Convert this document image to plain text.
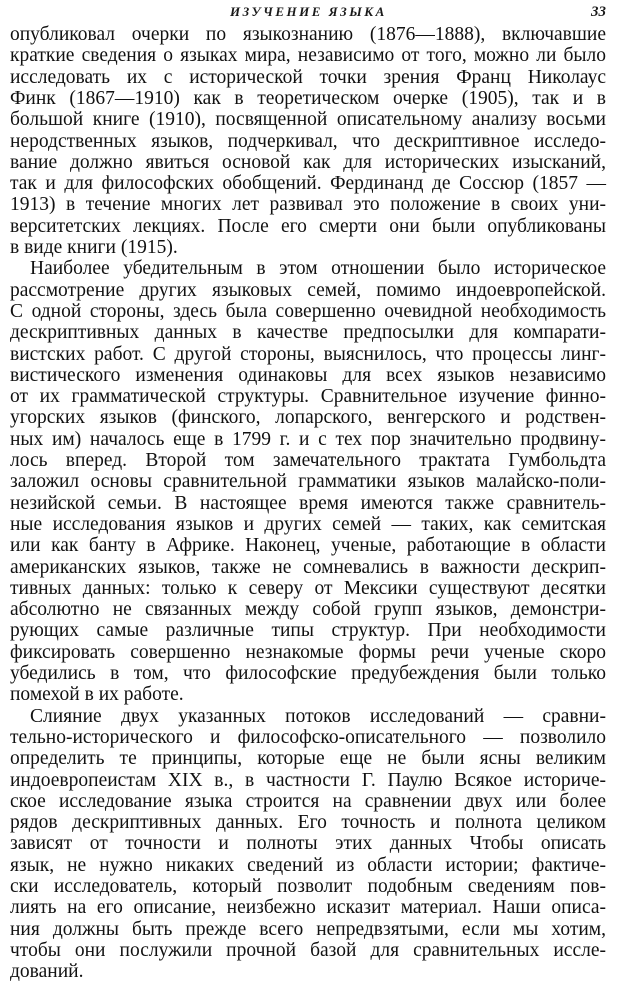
ИЗУЧЕНИЕ ЯЗЫКА	33
опубликовал очерки по языкознанию (1876—1888), включавшие
краткие сведения о языках мира, независимо от того, можно ли было
исследовать их с исторической точки зрения Франц Николаус
Финк (1867—1910) как в теоретическом очерке (1905), так и в
большой книге (1910), посвященной описательному анализу восьми
неродственных языков, подчеркивал, что дескриптивное исследо-
вание должно явиться основой как для исторических изысканий,
так и для философских обобщений. Фердинанд де Соссюр (1857 —
1913) в течение многих лет развивал это положение в своих уни-
верситетских лекциях. После его смерти они были опубликованы
в виде книги (1915).
Наиболее убедительным в этом отношении было историческое
рассмотрение других языковых семей, помимо индоевропейской.
С одной стороны, здесь была совершенно очевидной необходимость
дескриптивных данных в качестве предпосылки для компарати-
вистских работ. С другой стороны, выяснилось, что процессы линг-
вистического изменения одинаковы для всех языков независимо
от их грамматической структуры. Сравнительное изучение финно-
угорских языков (финского, лопарского, венгерского и родствен-
ных им) началось еще в 1799 г. и с тех пор значительно продвину-
лось вперед. Второй том замечательного трактата Гумбольдта
заложил основы сравнительной грамматики языков малайско-поли-
незийской семьи. В настоящее время имеются также сравнитель-
ные исследования языков и других семей — таких, как семитская
или как банту в Африке. Наконец, ученые, работающие в области
американских языков, также не сомневались в важности дескрип-
тивных данных: только к северу от Мексики существуют десятки
абсолютно не связанных между собой групп языков, демонстри-
рующих самые различные типы структур. При необходимости
фиксировать совершенно незнакомые формы речи ученые скоро
убедились в том, что философские предубеждения были только
помехой в их работе.
Слияние двух указанных потоков исследований — сравни-
тельно-исторического и философско-описательного — позволило
определить те принципы, которые еще не были ясны великим
индоевропеистам XIX в., в частности Г. Паулю Всякое историче-
ское исследование языка строится на сравнении двух или более
рядов дескриптивных данных. Его точность и полнота целиком
зависят от точности и полноты этих данных Чтобы описать
язык, не нужно никаких сведений из области истории; фактиче-
ски исследователь, который позволит подобным сведениям пов-
лиять на его описание, неизбежно исказит материал. Наши описа-
ния должны быть прежде всего непредвзятыми, если мы хотим,
чтобы они послужили прочной базой для сравнительных иссле-
дований.
